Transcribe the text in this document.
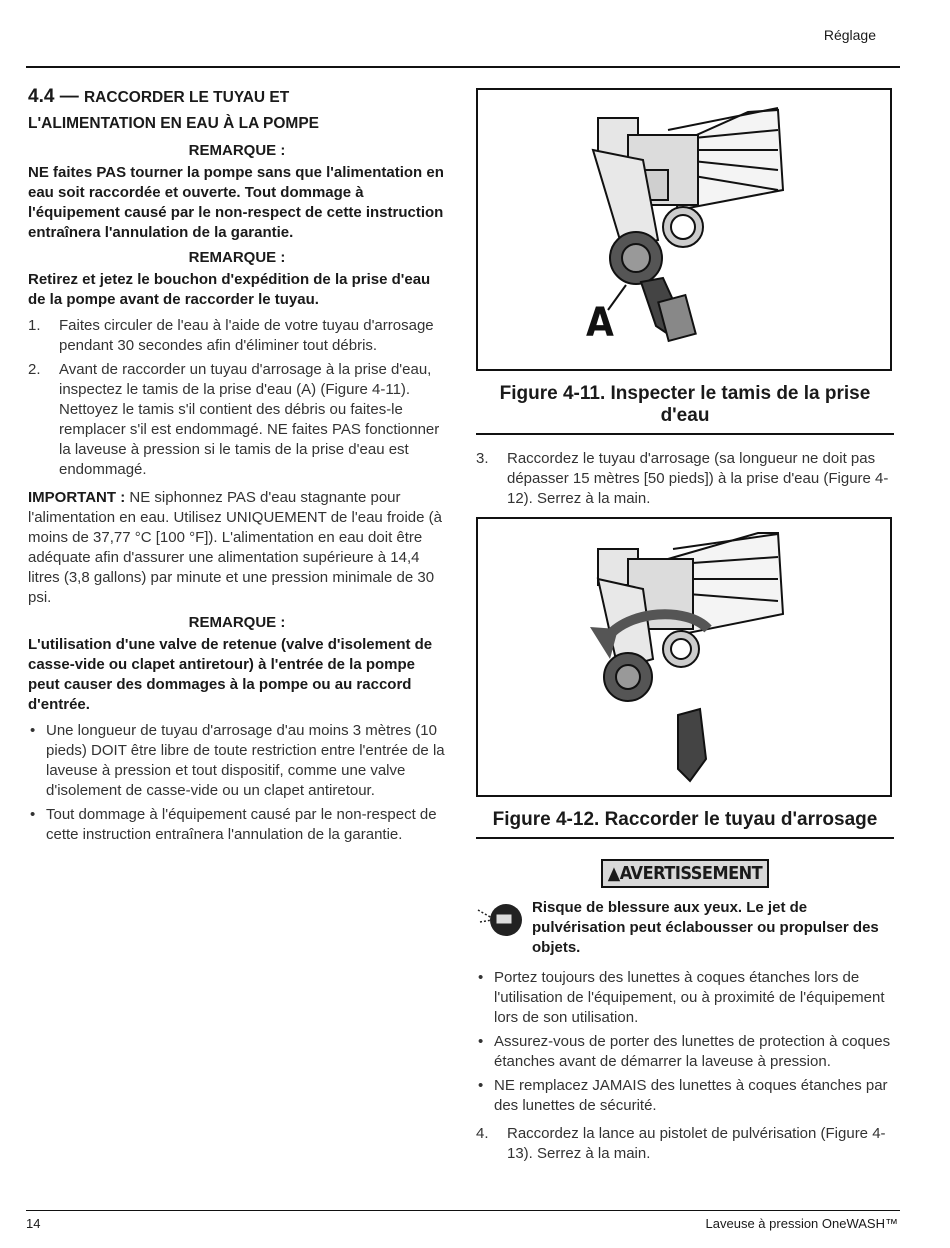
Réglage
4.4 — RACCORDER LE TUYAU ET
L'ALIMENTATION EN EAU À LA POMPE
REMARQUE :

NE faites PAS tourner la pompe sans que l'alimentation en eau soit raccordée et ouverte. Tout dommage à l'équipement causé par le non-respect de cette instruction entraînera l'annulation de la garantie.

REMARQUE :

Retirez et jetez le bouchon d'expédition de la prise d'eau de la pompe avant de raccorder le tuyau.

1. Faites circuler de l'eau à l'aide de votre tuyau d'arrosage pendant 30 secondes afin d'éliminer tout débris.
2. Avant de raccorder un tuyau d'arrosage à la prise d'eau, inspectez le tamis de la prise d'eau (A) (Figure 4-11). Nettoyez le tamis s'il contient des débris ou faites-le remplacer s'il est endommagé. NE faites PAS fonctionner la laveuse à pression si le tamis de la prise d'eau est endommagé.

IMPORTANT : NE siphonnez PAS d'eau stagnante pour l'alimentation en eau. Utilisez UNIQUEMENT de l'eau froide (à moins de 37,77 °C [100 °F]). L'alimentation en eau doit être adéquate afin d'assurer une alimentation supérieure à 14,4 litres (3,8 gallons) par minute et une pression minimale de 30 psi.

REMARQUE :

L'utilisation d'une valve de retenue (valve d'isolement de casse-vide ou clapet antiretour) à l'entrée de la pompe peut causer des dommages à la pompe ou au raccord d'entrée.

• Une longueur de tuyau d'arrosage d'au moins 3 mètres (10 pieds) DOIT être libre de toute restriction entre l'entrée de la laveuse à pression et tout dispositif, comme une valve d'isolement de casse-vide ou un clapet antiretour.
• Tout dommage à l'équipement causé par le non-respect de cette instruction entraînera l'annulation de la garantie.
A
Figure 4-11. Inspecter le tamis de la prise d'eau
3. Raccordez le tuyau d'arrosage (sa longueur ne doit pas dépasser 15 mètres [50 pieds]) à la prise d'eau (Figure 4-12). Serrez à la main.
Figure 4-12. Raccorder le tuyau d'arrosage
▲AVERTISSEMENT
Risque de blessure aux yeux. Le jet de pulvérisation peut éclabousser ou propulser des objets.
• Portez toujours des lunettes à coques étanches lors de l'utilisation de l'équipement, ou à proximité de l'équipement lors de son utilisation.
• Assurez-vous de porter des lunettes de protection à coques étanches avant de démarrer la laveuse à pression.
• NE remplacez JAMAIS des lunettes à coques étanches par des lunettes de sécurité.
4. Raccordez la lance au pistolet de pulvérisation (Figure 4-13). Serrez à la main.
14	Laveuse à pression OneWASH™
